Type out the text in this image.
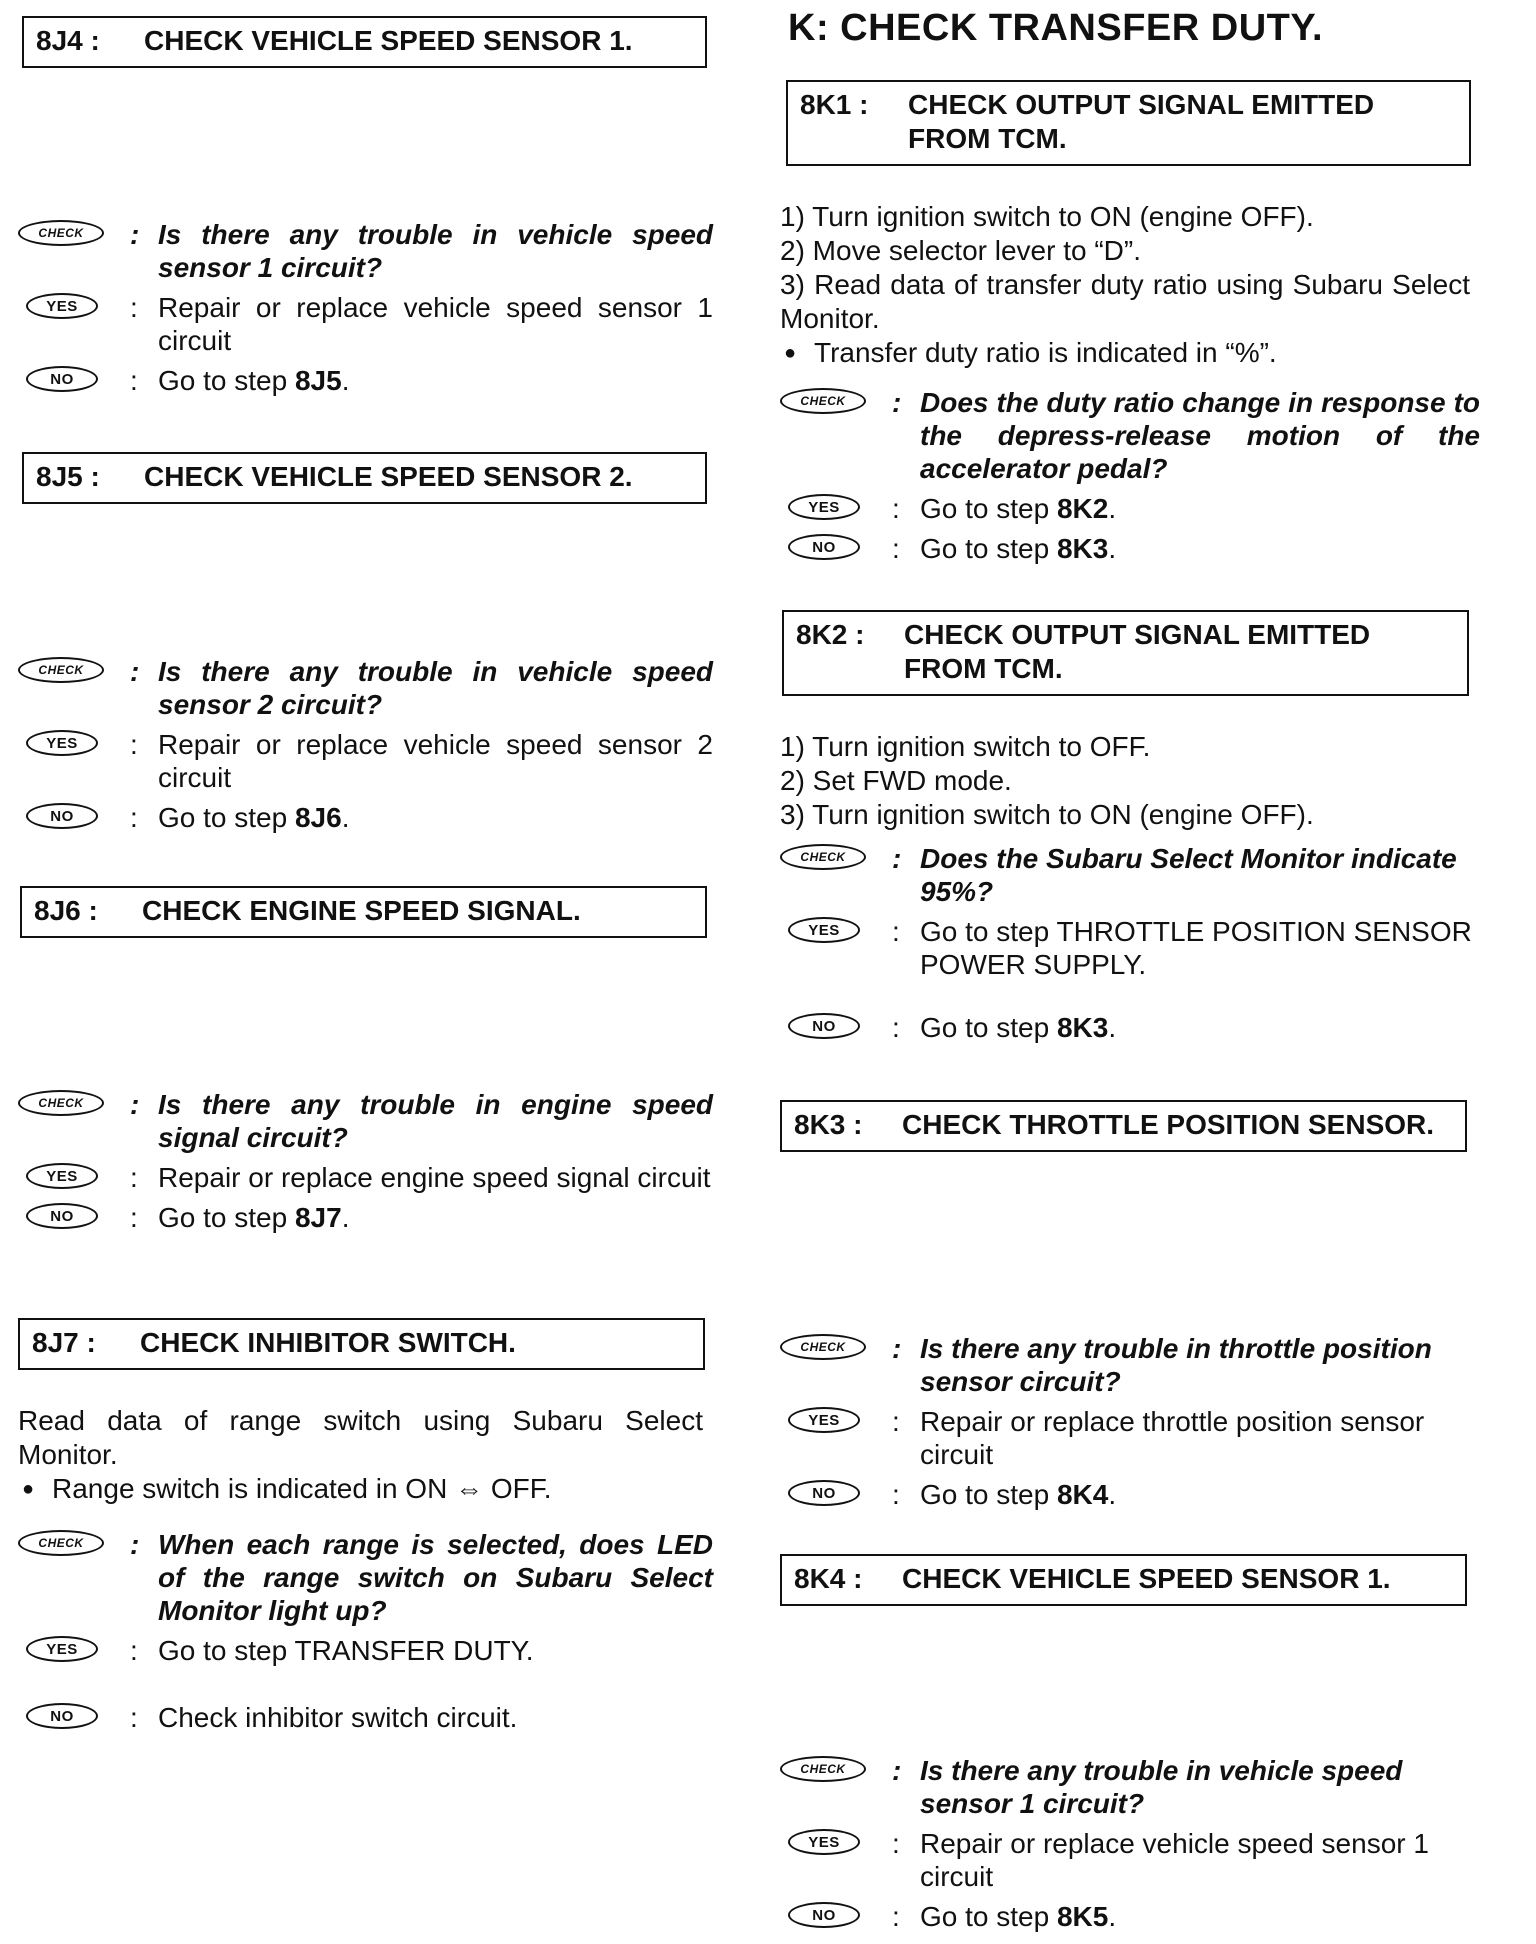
8J4 :	CHECK VEHICLE SPEED SENSOR 1.
CHECK	: Is there any trouble in vehicle speed sensor 1 circuit?
YES	: Repair or replace vehicle speed sensor 1 circuit
NO	: Go to step 8J5.
8J5 :	CHECK VEHICLE SPEED SENSOR 2.
CHECK	: Is there any trouble in vehicle speed sensor 2 circuit?
YES	: Repair or replace vehicle speed sensor 2 circuit
NO	: Go to step 8J6.
8J6 :	CHECK ENGINE SPEED SIGNAL.
CHECK	: Is there any trouble in engine speed signal circuit?
YES	: Repair or replace engine speed signal circuit
NO	: Go to step 8J7.
8J7 :	CHECK INHIBITOR SWITCH.

Read data of range switch using Subaru Select Monitor.

● Range switch is indicated in ON ⇔ OFF.

CHECK	: When each range is selected, does LED of the range switch on Subaru Select Monitor light up?
YES	: Go to step TRANSFER DUTY.
NO	: Check inhibitor switch circuit.
K: CHECK TRANSFER DUTY.
8K1 :	CHECK OUTPUT SIGNAL EMITTED FROM TCM.

1) Turn ignition switch to ON (engine OFF).

2) Move selector lever to “D”.

3) Read data of transfer duty ratio using Subaru Select Monitor.

● Transfer duty ratio is indicated in “%”.

CHECK	: Does the duty ratio change in response to the depress-release motion of the accelerator pedal?
YES	: Go to step 8K2.
NO	: Go to step 8K3.
8K2 :	CHECK OUTPUT SIGNAL EMITTED FROM TCM.

1) Turn ignition switch to OFF.

2) Set FWD mode.

3) Turn ignition switch to ON (engine OFF).

CHECK	: Does the Subaru Select Monitor indicate 95%?
YES	: Go to step THROTTLE POSITION SENSOR POWER SUPPLY.
NO	: Go to step 8K3.
8K3 :	CHECK THROTTLE POSITION SENSOR.
CHECK	: Is there any trouble in throttle position sensor circuit?
YES	: Repair or replace throttle position sensor circuit
NO	: Go to step 8K4.
8K4 :	CHECK VEHICLE SPEED SENSOR 1.
CHECK	: Is there any trouble in vehicle speed sensor 1 circuit?
YES	: Repair or replace vehicle speed sensor 1 circuit
NO	: Go to step 8K5.
